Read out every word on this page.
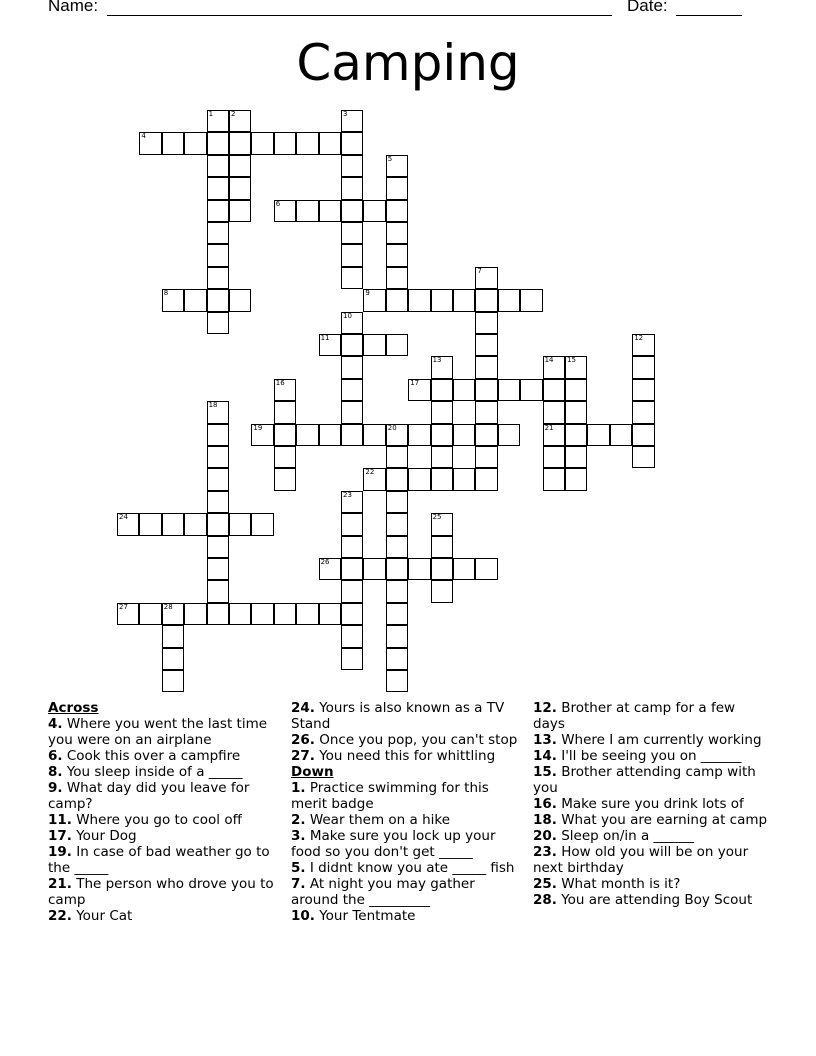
Name:	Date:
Camping
1	2	3
4
5
6
7
8	9
10
11	12
13	14
21
15
16	17
18
19	20
22
23
24	25
26
27	28
Across
4. Where you went the last time you were on an airplane
6. Cook this over a campfire
8. You sleep inside of a _____
9. What day did you leave for camp?
11. Where you go to cool off
17. Your Dog
19. In case of bad weather go to the _____
21. The person who drove you to camp
22. Your Cat
24. Yours is also known as a TV Stand
26. Once you pop, you can't stop
27. You need this for whittling
Down
1. Practice swimming for this merit badge
2. Wear them on a hike
3. Make sure you lock up your food so you don't get _____
5. I didnt know you ate _____ fish
7. At night you may gather around the _________
10. Your Tentmate
12. Brother at camp for a few days
13. Where I am currently working
14. I'll be seeing you on ______
15. Brother attending camp with you
16. Make sure you drink lots of
18. What you are earning at camp
20. Sleep on/in a ______
23. How old you will be on your next birthday
25. What month is it?
28. You are attending Boy Scout
